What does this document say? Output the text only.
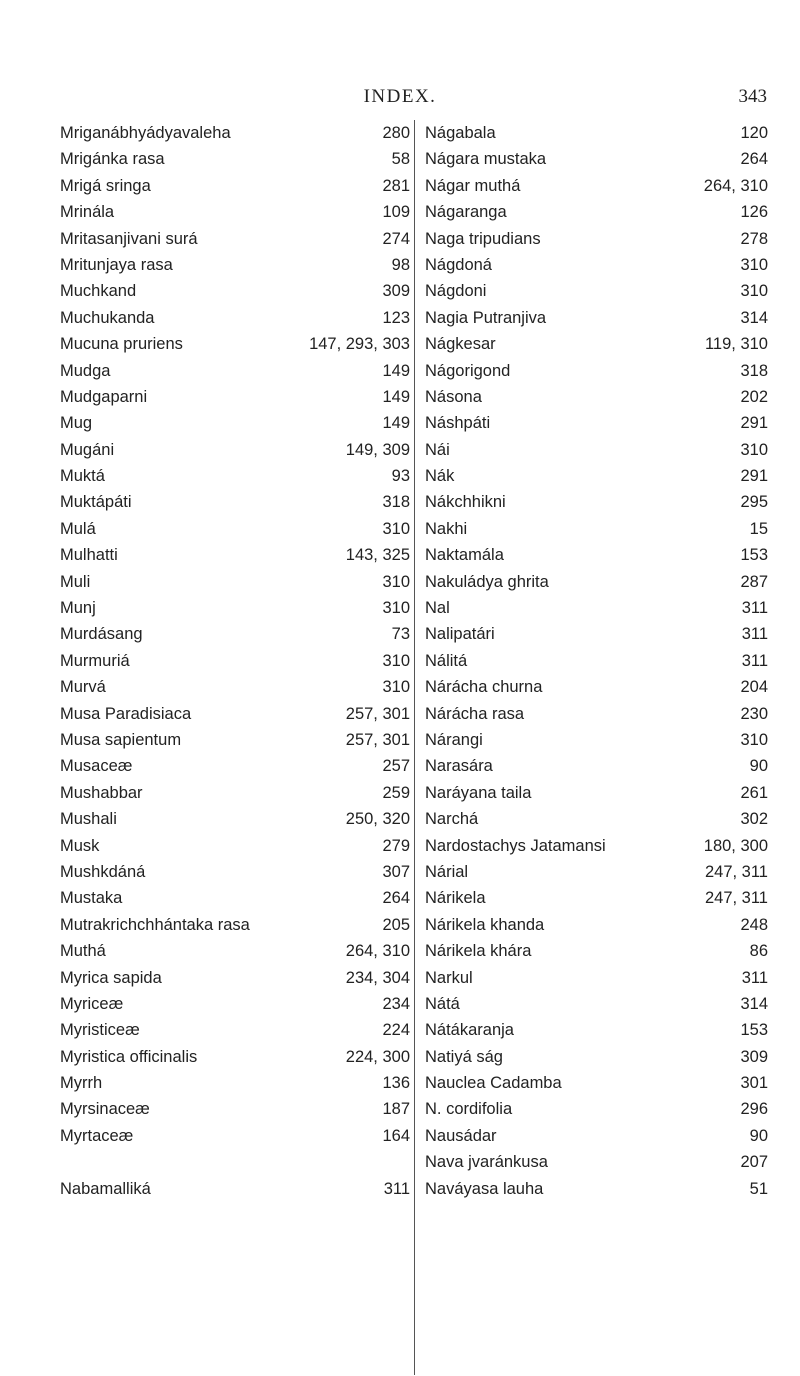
INDEX.	343
Mriganábhyádyavaleha	280
Mrigánka rasa	58
Mrigá sringa	281
Mrinála	109
Mritasanjivani surá	274
Mritunjaya rasa	98
Muchkand	309
Muchukanda	123
Mucuna pruriens	147, 293, 303
Mudga	149
Mudgaparni	149
Mug	149
Mugáni	149, 309
Muktá	93
Muktápáti	318
Mulá	310
Mulhatti	143, 325
Muli	310
Munj	310
Murdásang	73
Murmuriá	310
Murvá	310
Musa Paradisiaca	257, 301
Musa sapientum	257, 301
Musaceæ	257
Mushabbar	259
Mushali	250, 320
Musk	279
Mushkdáná	307
Mustaka	264
Mutrakrichchhántaka rasa	205
Muthá	264, 310
Myrica sapida	234, 304
Myriceæ	234
Myristiceæ	224
Myristica officinalis	224, 300
Myrrh	136
Myrsinaceæ	187
Myrtaceæ	164
Nabamalliká	311
Nágabala	120
Nágara mustaka	264
Nágar muthá	264, 310
Nágaranga	126
Naga tripudians	278
Nágdoná	310
Nágdoni	310
Nagia Putranjiva	314
Nágkesar	119, 310
Nágorigond	318
Násona	202
Náshpáti	291
Nái	310
Nák	291
Nákchhikni	295
Nakhi	15
Naktamála	153
Nakuládya ghrita	287
Nal	311
Nalipatári	311
Nálitá	311
Nárácha churna	204
Nárácha rasa	230
Nárangi	310
Narasára	90
Naráyana taila	261
Narchá	302
Nardostachys Jatamansi	180, 300
Nárial	247, 311
Nárikela	247, 311
Nárikela khanda	248
Nárikela khára	86
Narkul	311
Nátá	314
Nátákaranja	153
Natiyá ság	309
Nauclea Cadamba	301
N. cordifolia	296
Nausádar	90
Nava jvaránkusa	207
Naváyasa lauha	51
